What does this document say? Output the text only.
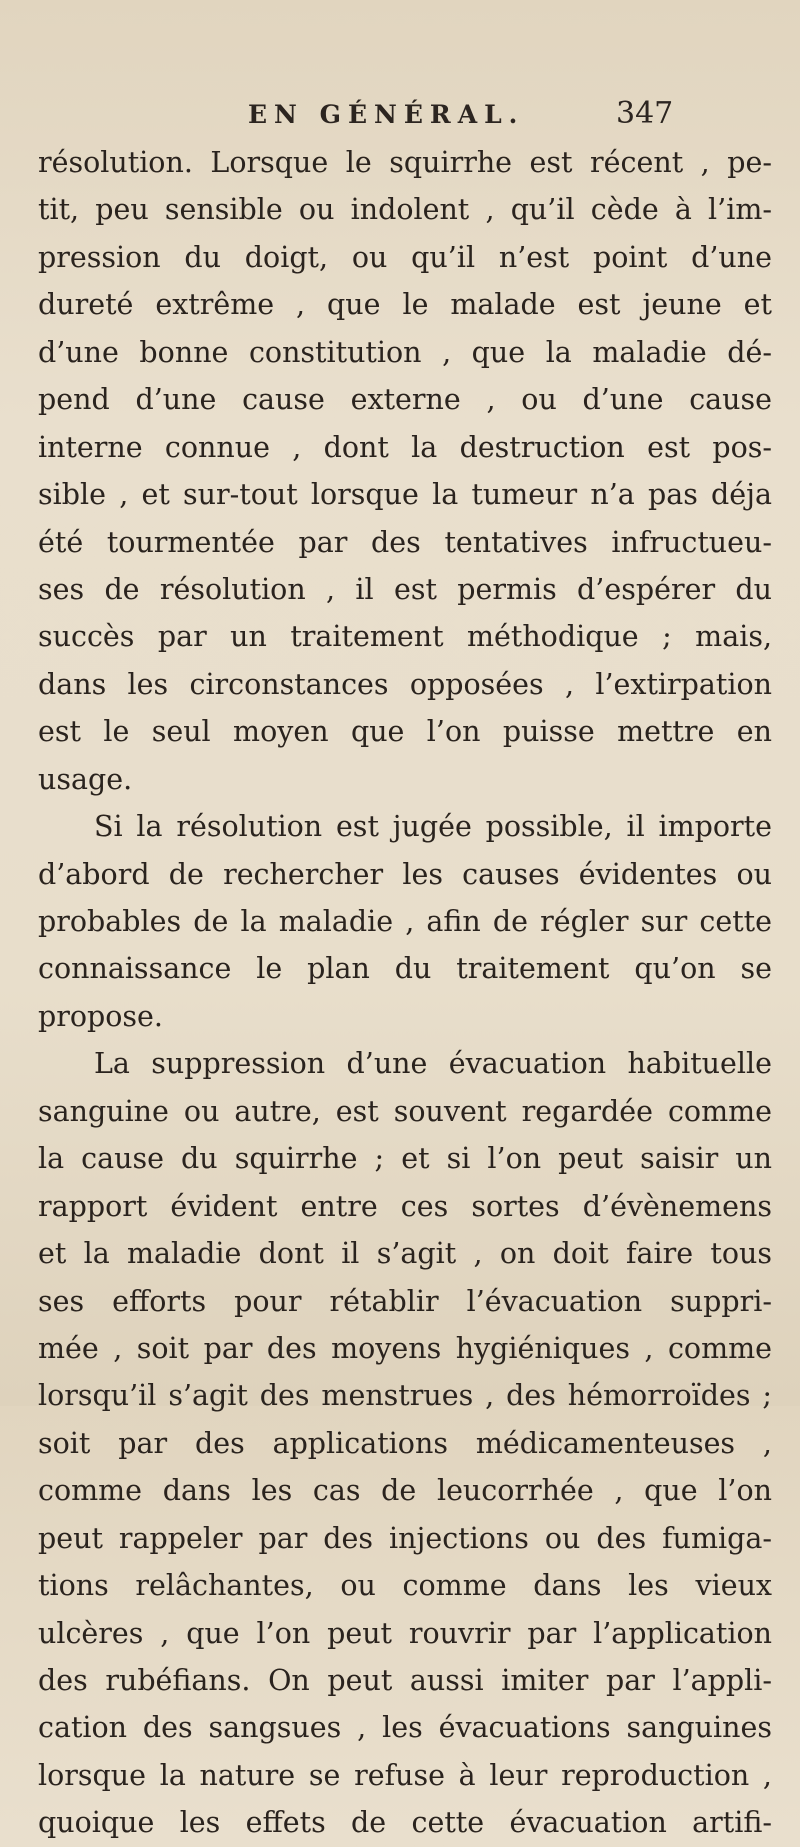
EN GÉNÉRAL.	347
résolution. Lorsque le squirrhe est récent , pe-
tit, peu sensible ou indolent , qu’il cède à l’im-
pression du doigt, ou qu’il n’est point d’une
dureté extrême , que le malade est jeune et
d’une bonne constitution , que la maladie dé-
pend d’une cause externe , ou d’une cause
interne connue , dont la destruction est pos-
sible , et sur-tout lorsque la tumeur n’a pas déja
été tourmentée par des tentatives infructueu-
ses de résolution , il est permis d’espérer du
succès par un traitement méthodique ; mais,
dans les circonstances opposées , l’extirpation
est le seul moyen que l’on puisse mettre en
usage.
Si la résolution est jugée possible, il importe
d’abord de rechercher les causes évidentes ou
probables de la maladie , afin de régler sur cette
connaissance le plan du traitement qu’on se
propose.
La suppression d’une évacuation habituelle
sanguine ou autre, est souvent regardée comme
la cause du squirrhe ; et si l’on peut saisir un
rapport évident entre ces sortes d’évènemens
et la maladie dont il s’agit , on doit faire tous
ses efforts pour rétablir l’évacuation suppri-
mée , soit par des moyens hygiéniques , comme
lorsqu’il s’agit des menstrues , des hémorroïdes ;
soit par des applications médicamenteuses ,
comme dans les cas de leucorrhée , que l’on
peut rappeler par des injections ou des fumiga-
tions relâchantes, ou comme dans les vieux
ulcères , que l’on peut rouvrir par l’application
des rubéfians. On peut aussi imiter par l’appli-
cation des sangsues , les évacuations sanguines
lorsque la nature se refuse à leur reproduction ,
quoique les effets de cette évacuation artifi-
